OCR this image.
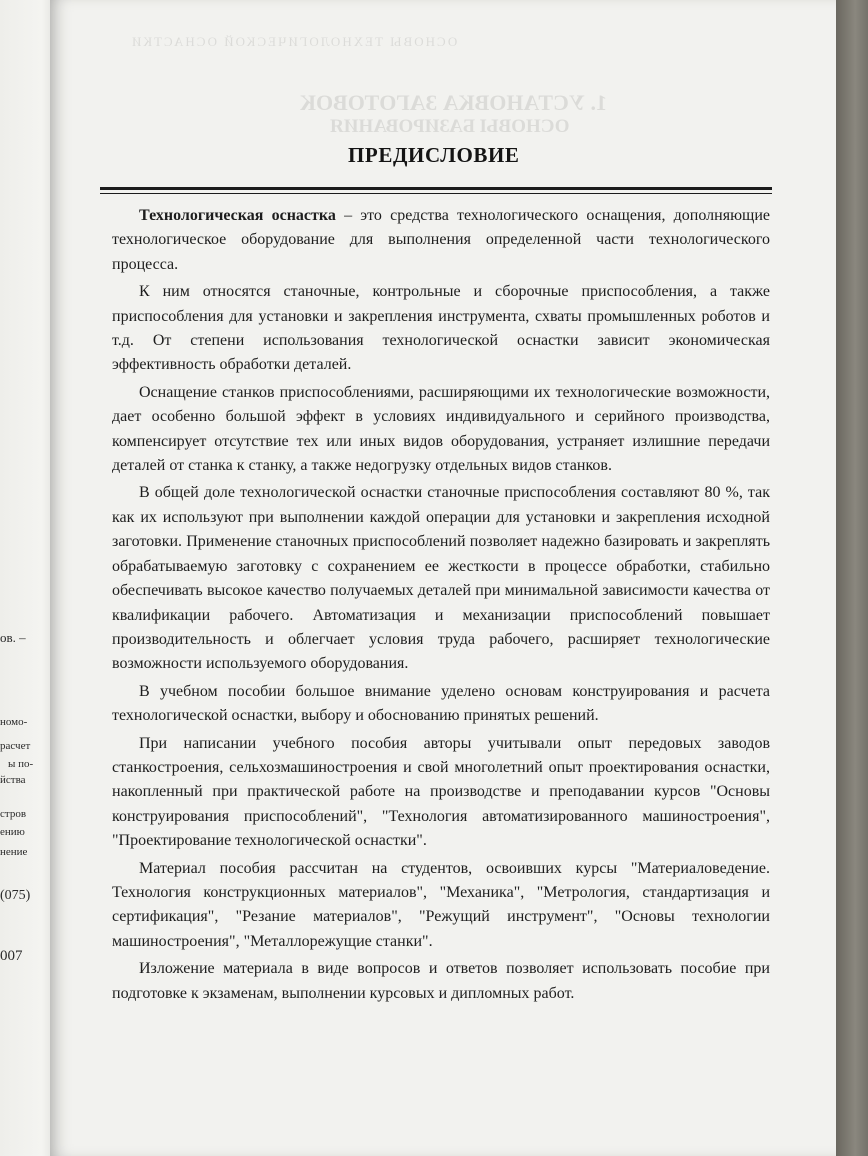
ов. –
номо-
расчет
ы по-
йства
стров
ению
нение
(075)
007
ОСНОВЫ ТЕХНОЛОГИЧЕСКОЙ ОСНАСТКИ
1. УСТАНОВКА ЗАГОТОВОК
ОСНОВЫ БАЗИРОВАНИЯ
ПРЕДИСЛОВИЕ

Технологическая оснастка – это средства технологического оснащения, дополняющие технологическое оборудование для выполнения определенной части технологического процесса.

К ним относятся станочные, контрольные и сборочные приспособления, а также приспособления для установки и закрепления инструмента, схваты промышленных роботов и т.д. От степени использования технологической оснастки зависит экономическая эффективность обработки деталей.

Оснащение станков приспособлениями, расширяющими их технологические возможности, дает особенно большой эффект в условиях индивидуального и серийного производства, компенсирует отсутствие тех или иных видов оборудования, устраняет излишние передачи деталей от станка к станку, а также недогрузку отдельных видов станков.

В общей доле технологической оснастки станочные приспособления составляют 80 %, так как их используют при выполнении каждой операции для установки и закрепления исходной заготовки. Применение станочных приспособлений позволяет надежно базировать и закреплять обрабатываемую заготовку с сохранением ее жесткости в процессе обработки, стабильно обеспечивать высокое качество получаемых деталей при минимальной зависимости качества от квалификации рабочего. Автоматизация и механизации приспособлений повышает производительность и облегчает условия труда рабочего, расширяет технологические возможности используемого оборудования.

В учебном пособии большое внимание уделено основам конструирования и расчета технологической оснастки, выбору и обоснованию принятых решений.

При написании учебного пособия авторы учитывали опыт передовых заводов станкостроения, сельхозмашиностроения и свой многолетний опыт проектирования оснастки, накопленный при практической работе на производстве и преподавании курсов "Основы конструирования приспособлений", "Технология автоматизированного машиностроения", "Проектирование технологической оснастки".

Материал пособия рассчитан на студентов, освоивших курсы "Материаловедение. Технология конструкционных материалов", "Механика", "Метрология, стандартизация и сертификация", "Резание материалов", "Режущий инструмент", "Основы технологии машиностроения", "Металлорежущие станки".

Изложение материала в виде вопросов и ответов позволяет использовать пособие при подготовке к экзаменам, выполнении курсовых и дипломных работ.
